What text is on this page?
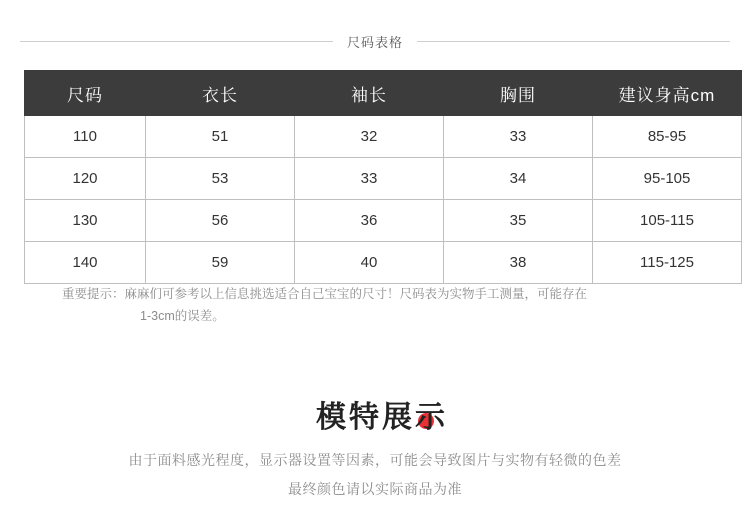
尺码表格
尺码	衣长	袖长	胸围	建议身高cm
110	51	32	33	85-95
120	53	33	34	95-105
130	56	36	35	105-115
140	59	40	38	115-125
重要提示：麻麻们可参考以上信息挑选适合自己宝宝的尺寸！尺码表为实物手工测量，可能存在
1-3cm的误差。
模特展示
由于面料感光程度，显示器设置等因素，可能会导致图片与实物有轻微的色差
最终颜色请以实际商品为准
